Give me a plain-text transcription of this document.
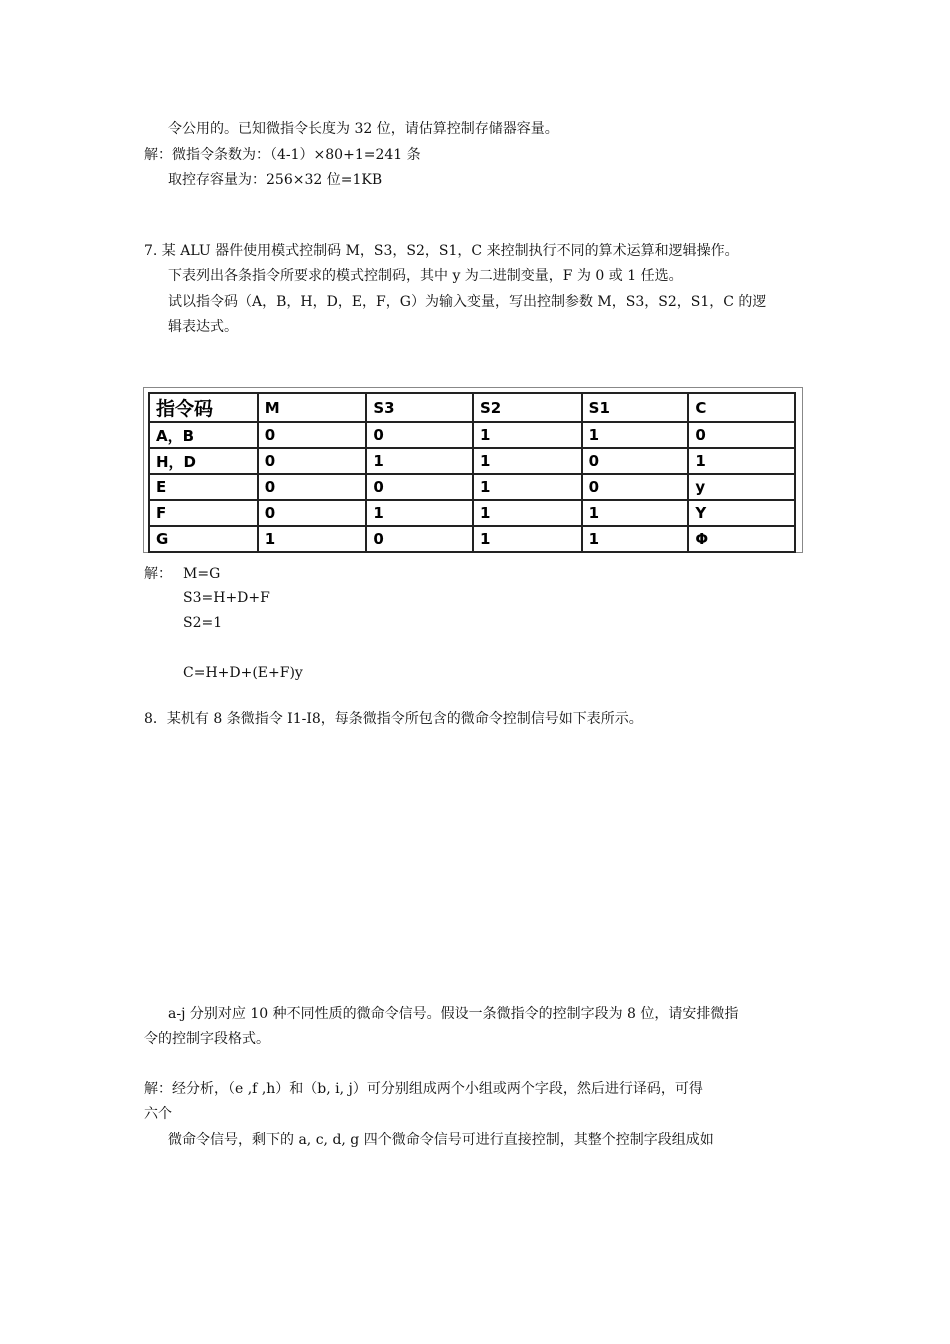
令公用的。已知微指令长度为 32 位，请估算控制存储器容量。
解：微指令条数为：（4-1）×80+1=241 条
取控存容量为：256×32 位=1KB
7. 某 ALU 器件使用模式控制码 M，S3，S2，S1，C 来控制执行不同的算术运算和逻辑操作。
下表列出各条指令所要求的模式控制码，其中 y 为二进制变量，F 为 0 或 1 任选。
试以指令码（A，B，H，D，E，F，G）为输入变量，写出控制参数 M，S3，S2，S1，C 的逻
辑表达式。
指令码	M	S3	S2	S1	C
A，B	0	0	1	1	0
H，D	0	1	1	0	1
E	0	0	1	0	y
F	0	1	1	1	Y
G	1	0	1	1	Φ
解： M=G
S3=H+D+F
S2=1
C=H+D+(E+F)y
8．某机有 8 条微指令 I1-I8，每条微指令所包含的微命令控制信号如下表所示。
a-j 分别对应 10 种不同性质的微命令信号。假设一条微指令的控制字段为 8 位，请安排微指
令的控制字段格式。
解：经分析，（e ,f ,h）和（b, i, j）可分别组成两个小组或两个字段，然后进行译码，可得
六个
微命令信号，剩下的 a, c, d, g 四个微命令信号可进行直接控制，其整个控制字段组成如
